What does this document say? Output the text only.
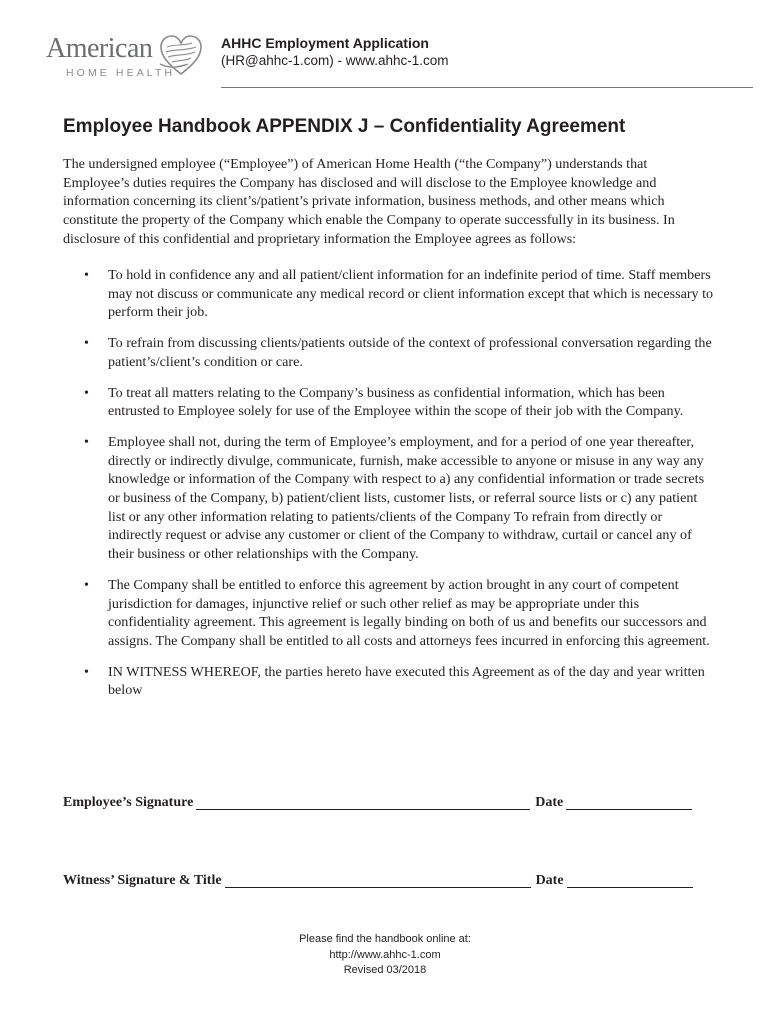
American
HOME HEALTH
AHHC Employment Application
(HR@ahhc-1.com) - www.ahhc-1.com
Employee Handbook APPENDIX J – Confidentiality Agreement

The undersigned employee (“Employee”) of American Home Health (“the Company”) understands that Employee’s duties requires the Company has disclosed and will disclose to the Employee knowledge and information concerning its client’s/patient’s private information, business methods, and other means which constitute the property of the Company which enable the Company to operate successfully in its business. In disclosure of this confidential and proprietary information the Employee agrees as follows:

• To hold in confidence any and all patient/client information for an indefinite period of time. Staff members may not discuss or communicate any medical record or client information except that which is necessary to perform their job.
• To refrain from discussing clients/patients outside of the context of professional conversation regarding the patient’s/client’s condition or care.
• To treat all matters relating to the Company’s business as confidential information, which has been entrusted to Employee solely for use of the Employee within the scope of their job with the Company.
• Employee shall not, during the term of Employee’s employment, and for a period of one year thereafter, directly or indirectly divulge, communicate, furnish, make accessible to anyone or misuse in any way any knowledge or information of the Company with respect to a) any confidential information or trade secrets or business of the Company, b) patient/client lists, customer lists, or referral source lists or c) any patient list or any other information relating to patients/clients of the Company To refrain from directly or indirectly request or advise any customer or client of the Company to withdraw, curtail or cancel any of their business or other relationships with the Company.
• The Company shall be entitled to enforce this agreement by action brought in any court of competent jurisdiction for damages, injunctive relief or such other relief as may be appropriate under this confidentiality agreement. This agreement is legally binding on both of us and benefits our successors and assigns. The Company shall be entitled to all costs and attorneys fees incurred in enforcing this agreement.
• IN WITNESS WHEREOF, the parties hereto have executed this Agreement as of the day and year written below
Employee’s Signature	Date
Witness’ Signature & Title	Date
Please find the handbook online at:
http://www.ahhc-1.com
Revised 03/2018
